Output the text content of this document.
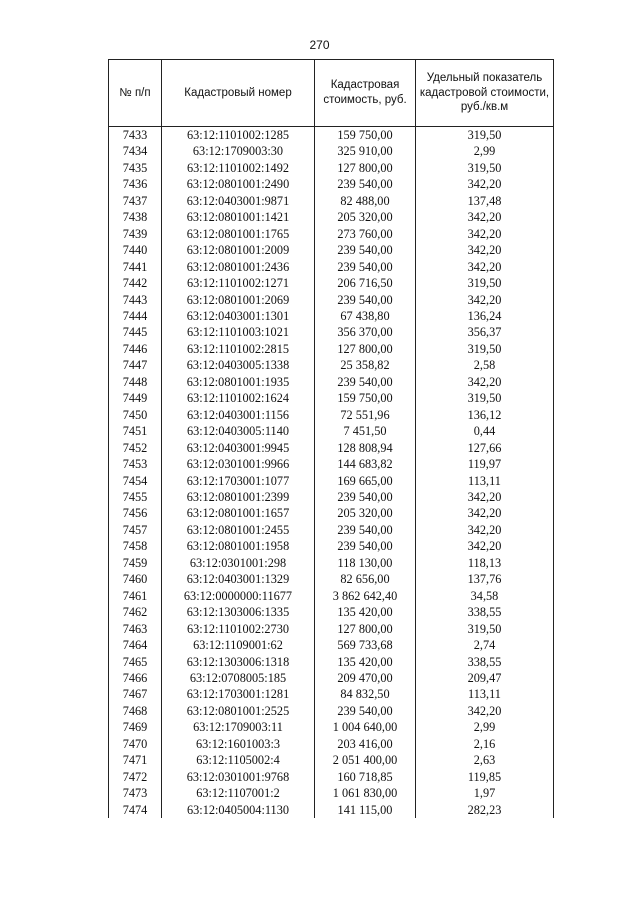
270
№ п/п	Кадастровый номер	Кадастровая стоимость, руб.	Удельный показатель кадастровой стоимости, руб./кв.м
7433	63:12:1101002:1285	159 750,00	319,50
7434	63:12:1709003:30	325 910,00	2,99
7435	63:12:1101002:1492	127 800,00	319,50
7436	63:12:0801001:2490	239 540,00	342,20
7437	63:12:0403001:9871	82 488,00	137,48
7438	63:12:0801001:1421	205 320,00	342,20
7439	63:12:0801001:1765	273 760,00	342,20
7440	63:12:0801001:2009	239 540,00	342,20
7441	63:12:0801001:2436	239 540,00	342,20
7442	63:12:1101002:1271	206 716,50	319,50
7443	63:12:0801001:2069	239 540,00	342,20
7444	63:12:0403001:1301	67 438,80	136,24
7445	63:12:1101003:1021	356 370,00	356,37
7446	63:12:1101002:2815	127 800,00	319,50
7447	63:12:0403005:1338	25 358,82	2,58
7448	63:12:0801001:1935	239 540,00	342,20
7449	63:12:1101002:1624	159 750,00	319,50
7450	63:12:0403001:1156	72 551,96	136,12
7451	63:12:0403005:1140	7 451,50	0,44
7452	63:12:0403001:9945	128 808,94	127,66
7453	63:12:0301001:9966	144 683,82	119,97
7454	63:12:1703001:1077	169 665,00	113,11
7455	63:12:0801001:2399	239 540,00	342,20
7456	63:12:0801001:1657	205 320,00	342,20
7457	63:12:0801001:2455	239 540,00	342,20
7458	63:12:0801001:1958	239 540,00	342,20
7459	63:12:0301001:298	118 130,00	118,13
7460	63:12:0403001:1329	82 656,00	137,76
7461	63:12:0000000:11677	3 862 642,40	34,58
7462	63:12:1303006:1335	135 420,00	338,55
7463	63:12:1101002:2730	127 800,00	319,50
7464	63:12:1109001:62	569 733,68	2,74
7465	63:12:1303006:1318	135 420,00	338,55
7466	63:12:0708005:185	209 470,00	209,47
7467	63:12:1703001:1281	84 832,50	113,11
7468	63:12:0801001:2525	239 540,00	342,20
7469	63:12:1709003:11	1 004 640,00	2,99
7470	63:12:1601003:3	203 416,00	2,16
7471	63:12:1105002:4	2 051 400,00	2,63
7472	63:12:0301001:9768	160 718,85	119,85
7473	63:12:1107001:2	1 061 830,00	1,97
7474	63:12:0405004:1130	141 115,00	282,23
